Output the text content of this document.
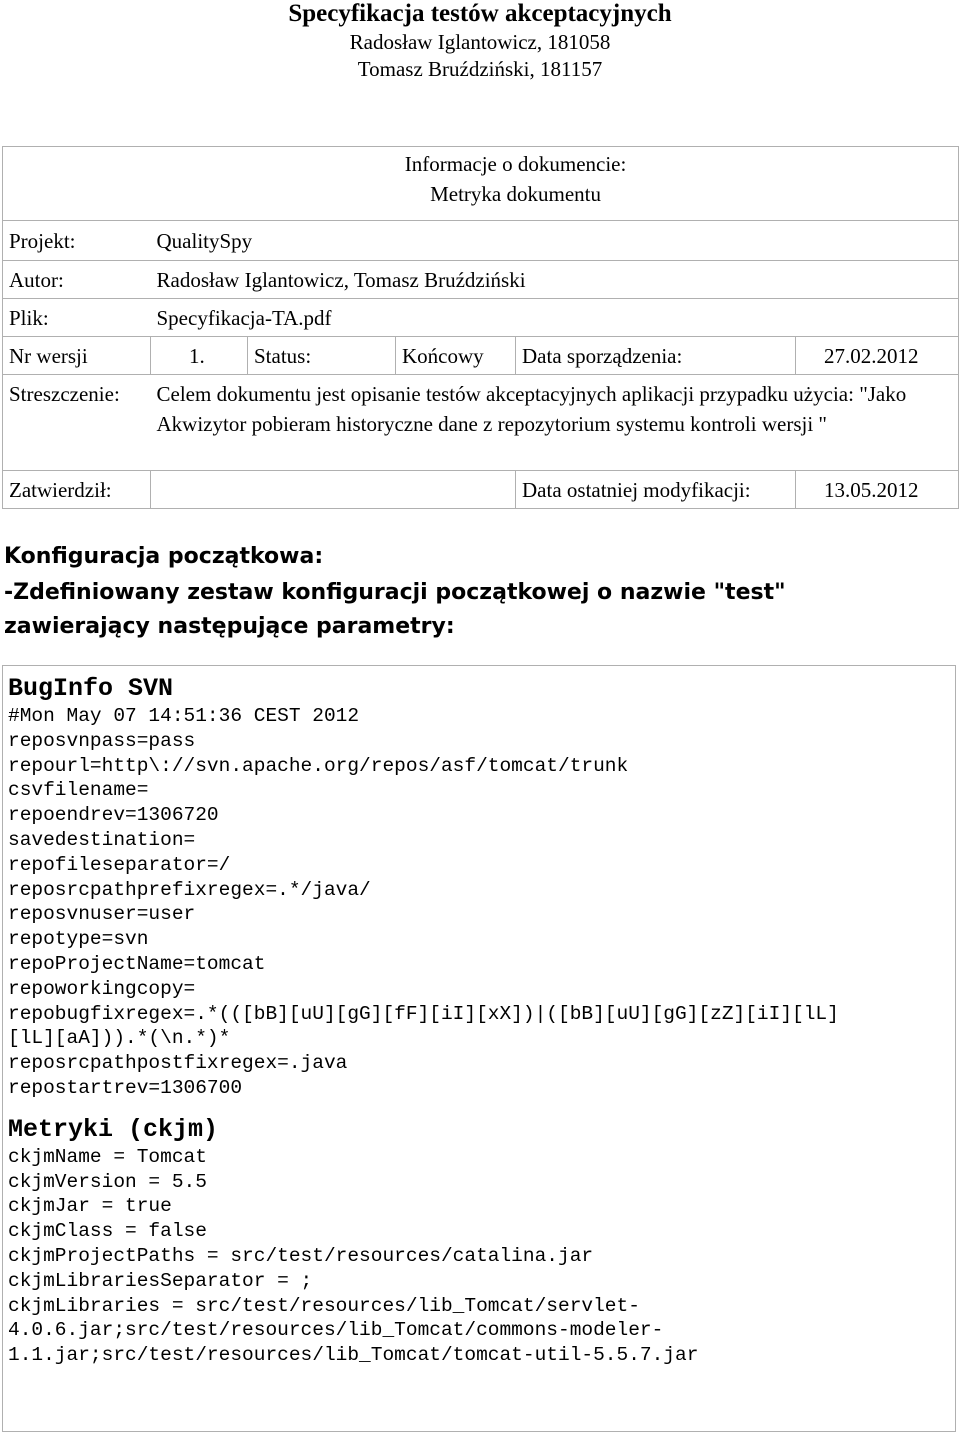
Specyfikacja testów akceptacyjnych
Radosław Iglantowicz, 181058
Tomasz Bruździński, 181157
Informacje o dokumencie:
Metryka dokumentu					

Projekt:	QualitySpy				
Autor:	Radosław Iglantowicz, Tomasz Bruździński				
Plik:	Specyfikacja-TA.pdf				
Nr wersji	1.	Status:	Końcowy	Data sporządzenia:	27.02.2012
Streszczenie:	Celem dokumentu jest opisanie testów akceptacyjnych aplikacji przypadku użycia: "Jako Akwizytor pobieram historyczne dane z repozytorium systemu kontroli wersji "				
Zatwierdził:				Data ostatniej modyfikacji:	13.05.2012
Konfiguracja początkowa:
-Zdefiniowany zestaw konfiguracji początkowej o nazwie "test"
zawierający następujące parametry:
BugInfo SVN
#Mon May 07 14:51:36 CEST 2012
reposvnpass=pass
repourl=http\://svn.apache.org/repos/asf/tomcat/trunk
csvfilename=
repoendrev=1306720
savedestination=
repofileseparator=/
reposrcpathprefixregex=.*/java/
reposvnuser=user
repotype=svn
repoProjectName=tomcat
repoworkingcopy=
repobugfixregex=.*(([bB][uU][gG][fF][iI][xX])|([bB][uU][gG][zZ][iI][lL]
[lL][aA])).*(\n.*)*
reposrcpathpostfixregex=.java
repostartrev=1306700
Metryki (ckjm)
ckjmName = Tomcat
ckjmVersion = 5.5
ckjmJar = true
ckjmClass = false
ckjmProjectPaths = src/test/resources/catalina.jar
ckjmLibrariesSeparator = ;
ckjmLibraries = src/test/resources/lib_Tomcat/servlet-
4.0.6.jar;src/test/resources/lib_Tomcat/commons-modeler-
1.1.jar;src/test/resources/lib_Tomcat/tomcat-util-5.5.7.jar
